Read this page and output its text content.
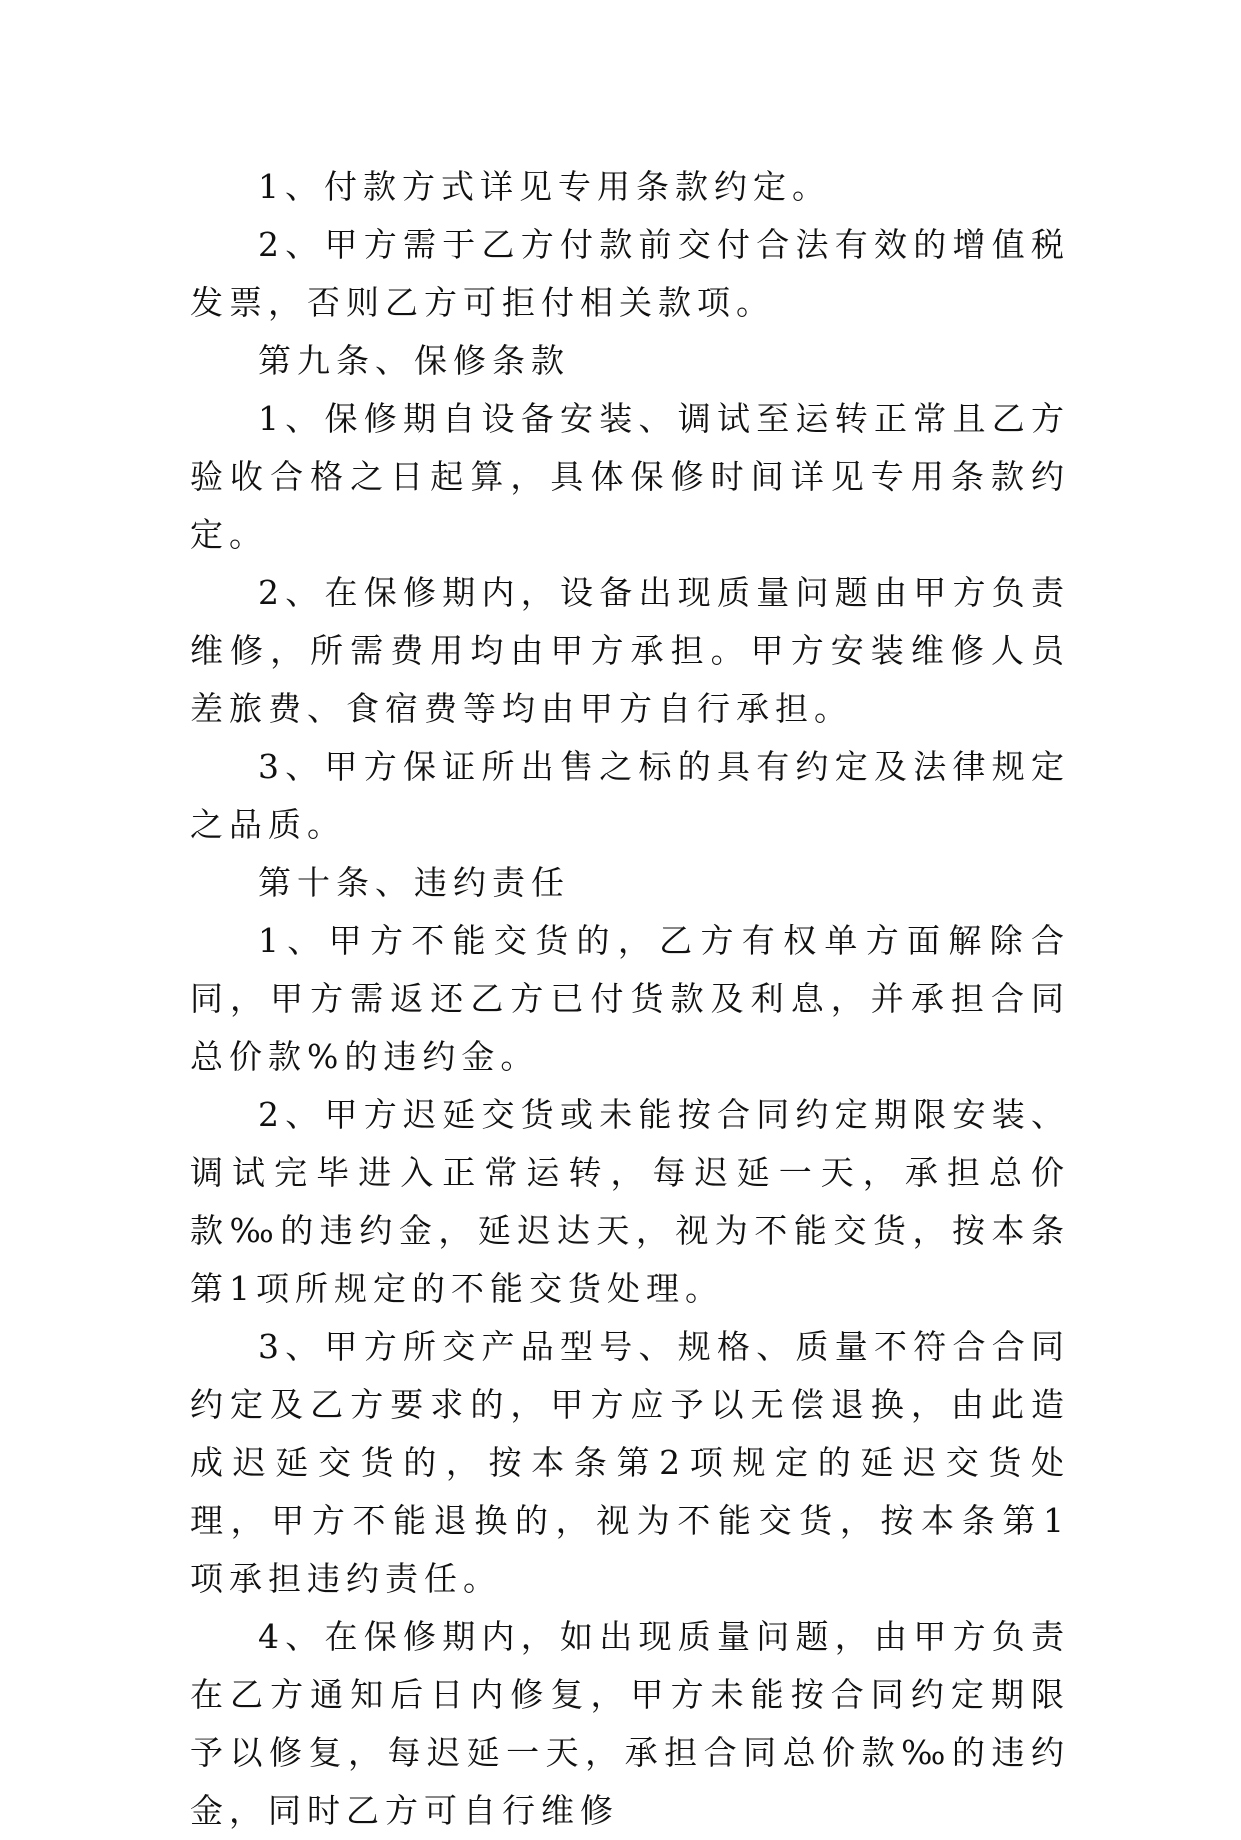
1、付款方式详见专用条款约定。

2、甲方需于乙方付款前交付合法有效的增值税发票，否则乙方可拒付相关款项。

第九条、保修条款

1、保修期自设备安装、调试至运转正常且乙方验收合格之日起算，具体保修时间详见专用条款约定。

2、在保修期内，设备出现质量问题由甲方负责维修，所需费用均由甲方承担。甲方安装维修人员差旅费、食宿费等均由甲方自行承担。

3、甲方保证所出售之标的具有约定及法律规定之品质。

第十条、违约责任

1、甲方不能交货的，乙方有权单方面解除合同，甲方需返还乙方已付货款及利息，并承担合同总价款%的违约金。

2、甲方迟延交货或未能按合同约定期限安装、调试完毕进入正常运转，每迟延一天，承担总价款‰的违约金，延迟达天，视为不能交货，按本条第1项所规定的不能交货处理。

3、甲方所交产品型号、规格、质量不符合合同约定及乙方要求的，甲方应予以无偿退换，由此造成迟延交货的，按本条第2项规定的延迟交货处理，甲方不能退换的，视为不能交货，按本条第1项承担违约责任。

4、在保修期内，如出现质量问题，由甲方负责在乙方通知后日内修复，甲方未能按合同约定期限予以修复，每迟延一天，承担合同总价款‰的违约金，同时乙方可自行维修
